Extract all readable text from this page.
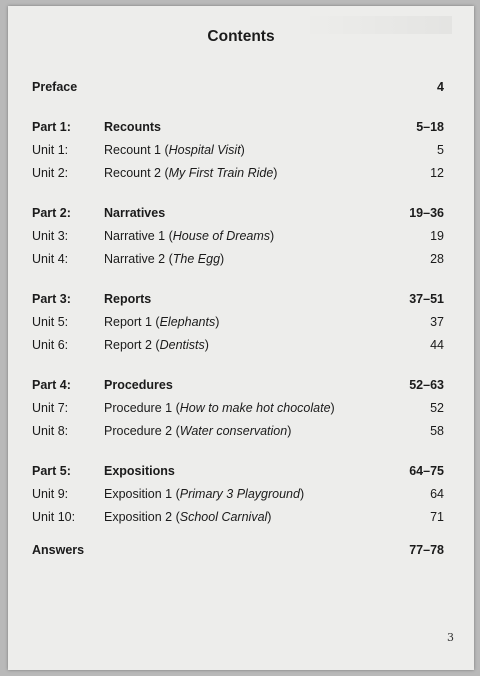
Contents
Preface	4
Part 1:	Recounts	5–18
Unit 1:	Recount 1 (Hospital Visit)	5
Unit 2:	Recount 2 (My First Train Ride)	12
Part 2:	Narratives	19–36
Unit 3:	Narrative 1 (House of Dreams)	19
Unit 4:	Narrative 2 (The Egg)	28
Part 3:	Reports	37–51
Unit 5:	Report 1 (Elephants)	37
Unit 6:	Report 2 (Dentists)	44
Part 4:	Procedures	52–63
Unit 7:	Procedure 1 (How to make hot chocolate)	52
Unit 8:	Procedure 2 (Water conservation)	58
Part 5:	Expositions	64–75
Unit 9:	Exposition 1 (Primary 3 Playground)	64
Unit 10:	Exposition 2 (School Carnival)	71
Answers	77–78
3
